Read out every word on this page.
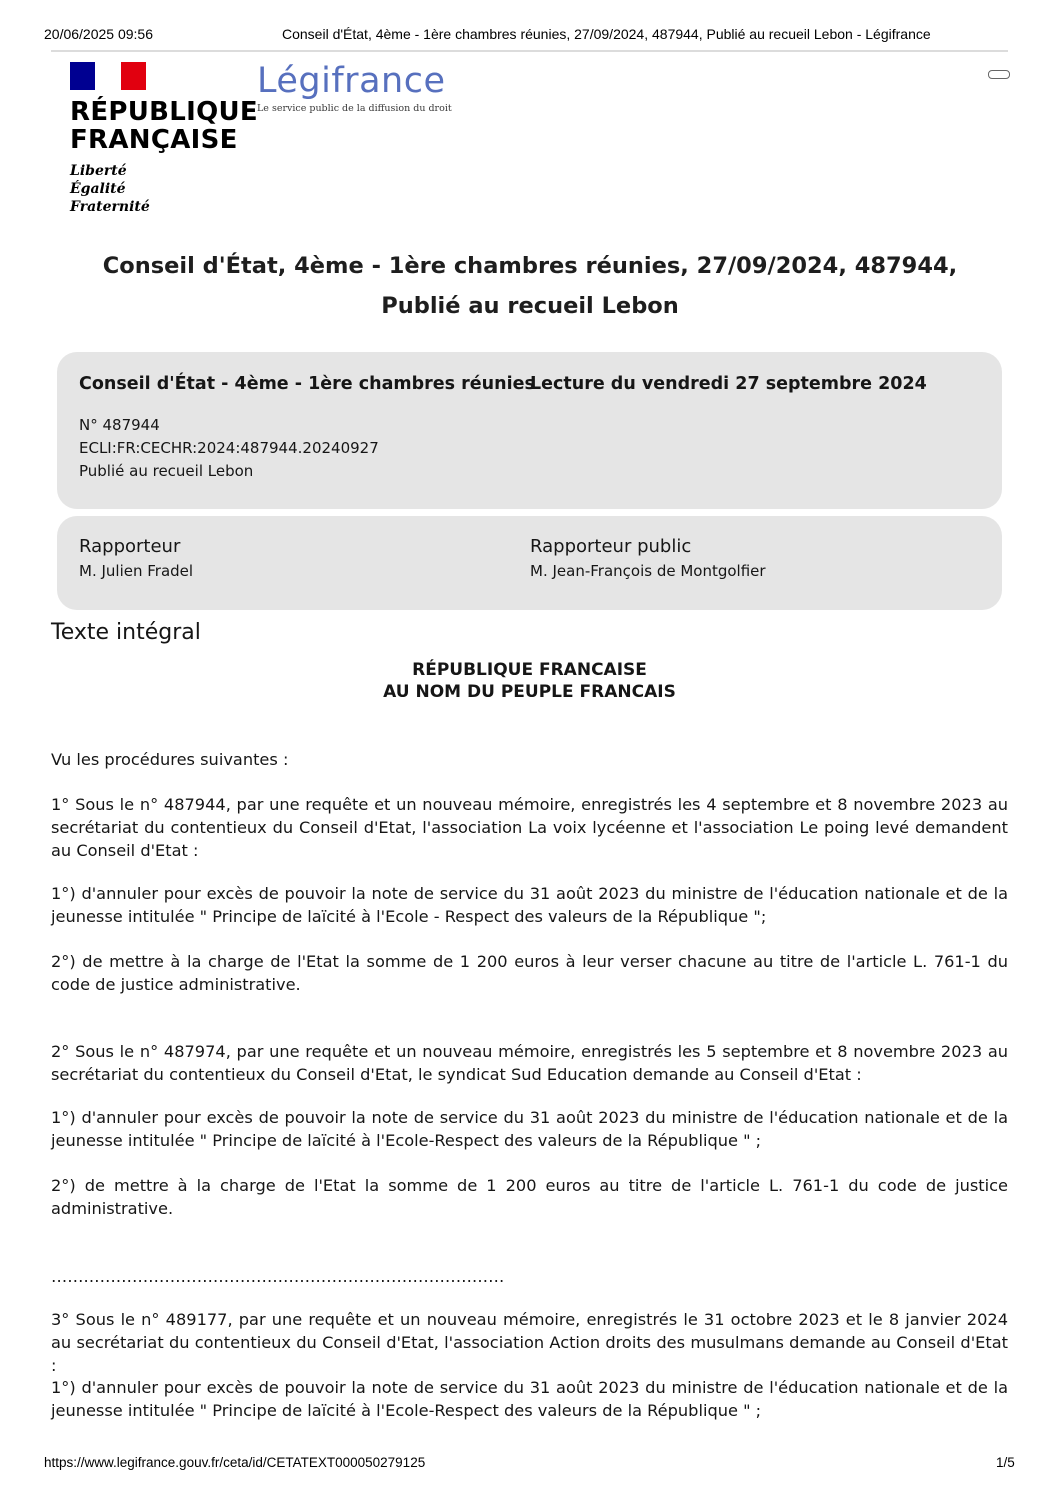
20/06/2025 09:56	Conseil d'État, 4ème - 1ère chambres réunies, 27/09/2024, 487944, Publié au recueil Lebon - Légifrance
RÉPUBLIQUE
FRANÇAISE
Liberté
Égalité
Fraternité
Légifrance
Le service public de la diffusion du droit
Conseil d'État, 4ème - 1ère chambres réunies, 27/09/2024, 487944, Publié au recueil Lebon
Conseil d'État - 4ème - 1ère chambres réunies
Lecture du vendredi 27 septembre 2024
N° 487944
ECLI:FR:CECHR:2024:487944.20240927
Publié au recueil Lebon
Rapporteur
M. Julien Fradel
Rapporteur public
M. Jean-François de Montgolfier
Texte intégral
RÉPUBLIQUE FRANCAISE
AU NOM DU PEUPLE FRANCAIS
Vu les procédures suivantes :
1° Sous le n° 487944, par une requête et un nouveau mémoire, enregistrés les 4 septembre et 8 novembre 2023 au secrétariat du contentieux du Conseil d'Etat, l'association La voix lycéenne et l'association Le poing levé demandent au Conseil d'Etat :
1°) d'annuler pour excès de pouvoir la note de service du 31 août 2023 du ministre de l'éducation nationale et de la jeunesse intitulée " Principe de laïcité à l'Ecole - Respect des valeurs de la République ";
2°) de mettre à la charge de l'Etat la somme de 1 200 euros à leur verser chacune au titre de l'article L. 761-1 du code de justice administrative.
2° Sous le n° 487974, par une requête et un nouveau mémoire, enregistrés les 5 septembre et 8 novembre 2023 au secrétariat du contentieux du Conseil d'Etat, le syndicat Sud Education demande au Conseil d'Etat :
1°) d'annuler pour excès de pouvoir la note de service du 31 août 2023 du ministre de l'éducation nationale et de la jeunesse intitulée " Principe de laïcité à l'Ecole-Respect des valeurs de la République " ;
2°) de mettre à la charge de l'Etat la somme de 1 200 euros au titre de l'article L. 761-1 du code de justice administrative.
…………………………………………………………………………
3° Sous le n° 489177, par une requête et un nouveau mémoire, enregistrés le 31 octobre 2023 et le 8 janvier 2024 au secrétariat du contentieux du Conseil d'Etat, l'association Action droits des musulmans demande au Conseil d'Etat :
1°) d'annuler pour excès de pouvoir la note de service du 31 août 2023 du ministre de l'éducation nationale et de la jeunesse intitulée " Principe de laïcité à l'Ecole-Respect des valeurs de la République " ;
https://www.legifrance.gouv.fr/ceta/id/CETATEXT000050279125	1/5
